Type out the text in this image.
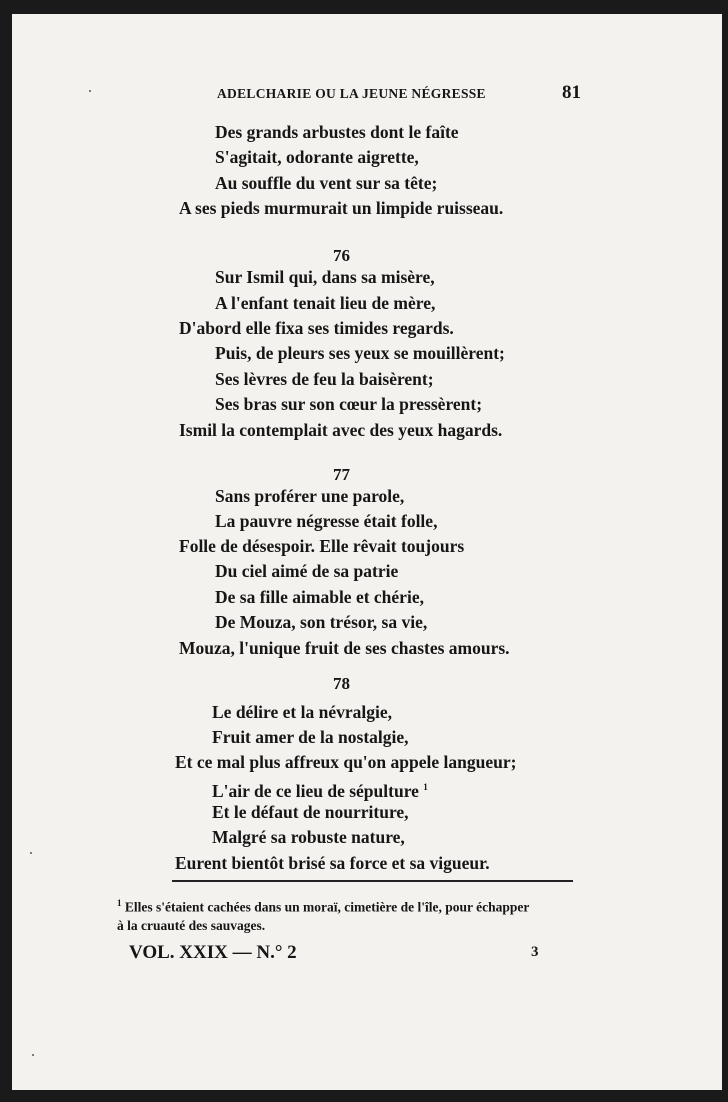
ADELCHARIE OU LA JEUNE NÉGRESSE	81
Des grands arbustes dont le faîte
S'agitait, odorante aigrette,
Au souffle du vent sur sa tête;
A ses pieds murmurait un limpide ruisseau.
76
Sur Ismil qui, dans sa misère,
A l'enfant tenait lieu de mère,
D'abord elle fixa ses timides regards.
Puis, de pleurs ses yeux se mouillèrent;
Ses lèvres de feu la baisèrent;
Ses bras sur son cœur la pressèrent;
Ismil la contemplait avec des yeux hagards.
77
Sans proférer une parole,
La pauvre négresse était folle,
Folle de désespoir. Elle rêvait toujours
Du ciel aimé de sa patrie
De sa fille aimable et chérie,
De Mouza, son trésor, sa vie,
Mouza, l'unique fruit de ses chastes amours.
78
Le délire et la névralgie,
Fruit amer de la nostalgie,
Et ce mal plus affreux qu'on appele langueur;
L'air de ce lieu de sépulture $^1$
Et le défaut de nourriture,
Malgré sa robuste nature,
Eurent bientôt brisé sa force et sa vigueur.
$^1$ Elles s'étaient cachées dans un moraï, cimetière de l'île, pour échapper
à la cruauté des sauvages.
VOL. XXIX — N.° 2	3
